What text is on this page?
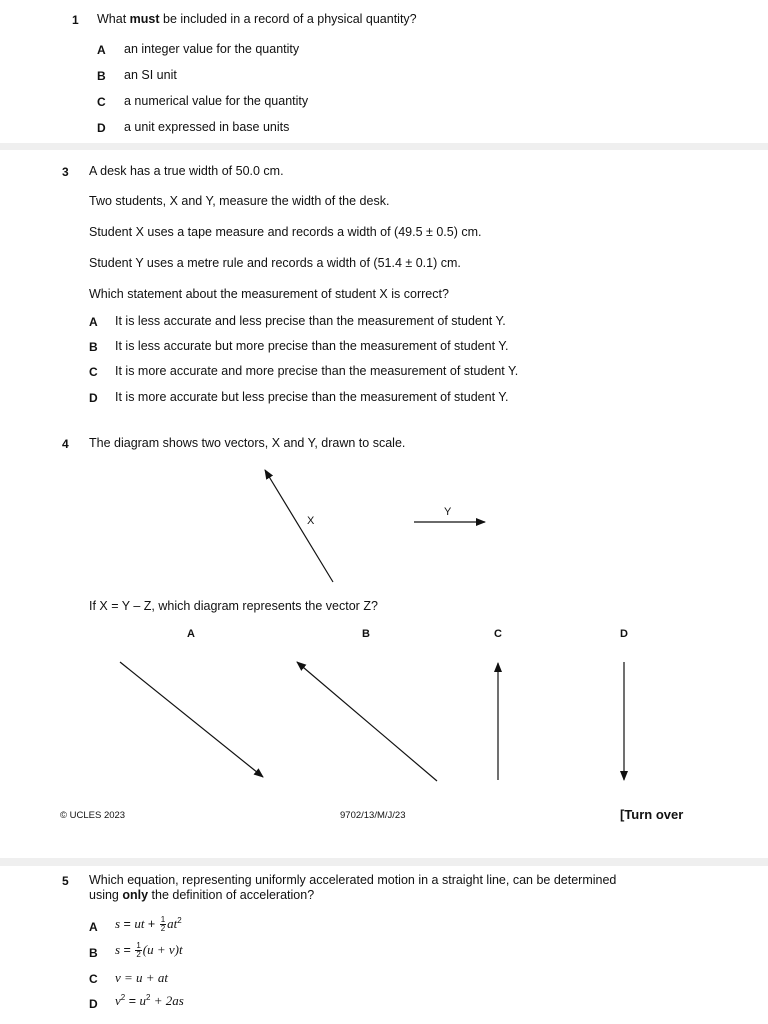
1 What must be included in a record of a physical quantity?
A an integer value for the quantity
B an SI unit
C a numerical value for the quantity
D a unit expressed in base units
3 A desk has a true width of 50.0 cm.
Two students, X and Y, measure the width of the desk.
Student X uses a tape measure and records a width of (49.5 ± 0.5) cm.
Student Y uses a metre rule and records a width of (51.4 ± 0.1) cm.
Which statement about the measurement of student X is correct?
A It is less accurate and less precise than the measurement of student Y.
B It is less accurate but more precise than the measurement of student Y.
C It is more accurate and more precise than the measurement of student Y.
D It is more accurate but less precise than the measurement of student Y.
4 The diagram shows two vectors, X and Y, drawn to scale.
X
Y
If X = Y – Z, which diagram represents the vector Z?
A	B	C	D
© UCLES 2023	9702/13/M/J/23	[Turn over
5 Which equation, representing uniformly accelerated motion in a straight line, can be determined
using only the definition of acceleration?
A s = ut + $\frac{1}{2} at^2$
B $s = \frac{1}{2} (u + v)t$
C v = u + at
D $v^2 = u^2 + 2as$
